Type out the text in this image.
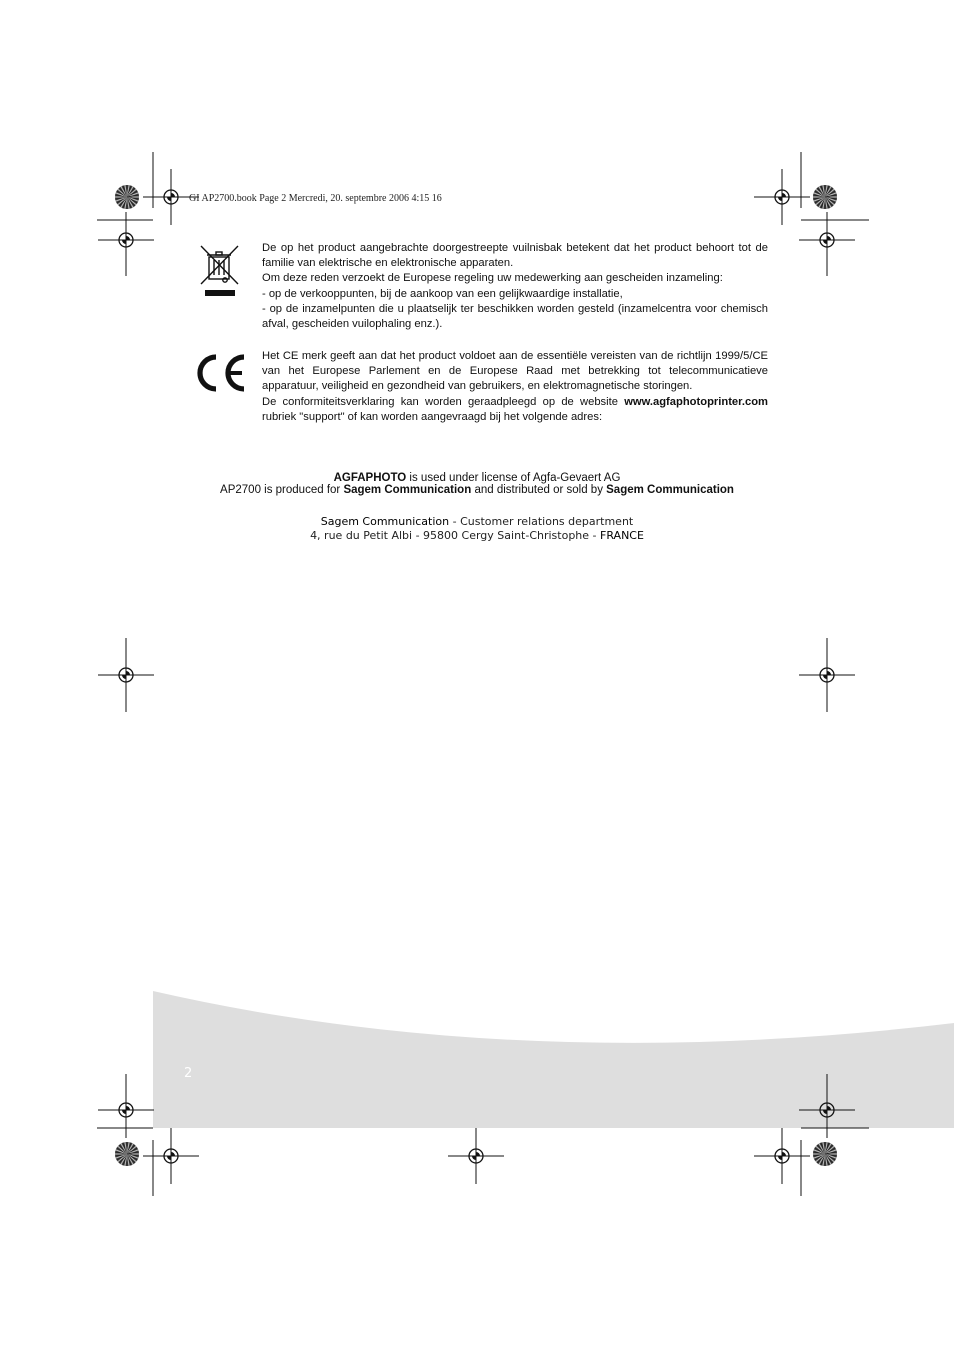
GI AP2700.book Page 2 Mercredi, 20. septembre 2006 4:15 16

De op het product aangebrachte doorgestreepte vuilnisbak betekent dat het product behoort tot de familie van elektrische en elektronische apparaten.

Om deze reden verzoekt de Europese regeling uw medewerking aan gescheiden inzameling:

- op de verkooppunten, bij de aankoop van een gelijkwaardige installatie,

- op de inzamelpunten die u plaatselijk ter beschikken worden gesteld (inzamelcentra voor chemisch afval, gescheiden vuilophaling enz.).

Het CE merk geeft aan dat het product voldoet aan de essentiële vereisten van de richtlijn 1999/5/CE van het Europese Parlement en de Europese Raad met betrekking tot telecommunicatieve apparatuur, veiligheid en gezondheid van gebruikers, en elektromagnetische storingen.

De conformiteitsverklaring kan worden geraadpleegd op de website www.agfaphotoprinter.com rubriek "support" of kan worden aangevraagd bij het volgende adres:

AGFAPHOTO is used under license of Agfa-Gevaert AG
AP2700 is produced for Sagem Communication and distributed or sold by Sagem Communication
Sagem Communication - Customer relations department
4, rue du Petit Albi - 95800 Cergy Saint-Christophe - FRANCE
2
